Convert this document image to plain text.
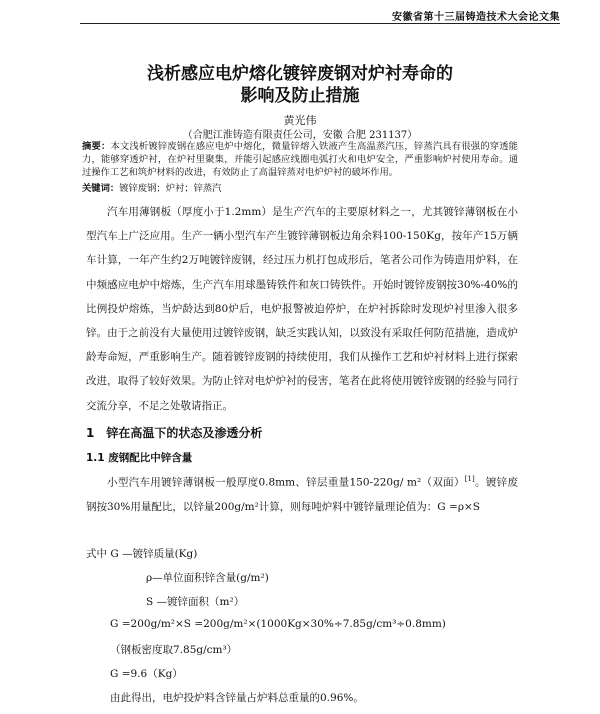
安徽省第十三届铸造技术大会论文集
浅析感应电炉熔化镀锌废钢对炉衬寿命的
影响及防止措施
黄光伟
（合肥江淮铸造有限责任公司，安徽 合肥 231137）
摘要：本文浅析镀锌废钢在感应电炉中熔化，微量锌熔入铁液产生高温蒸汽压，锌蒸汽具有很强的穿透能力，能够穿透炉衬，在炉衬里聚集，并能引起感应线圈电弧打火和电炉安全，严重影响炉衬使用寿命。通过操作工艺和筑炉材料的改进，有效防止了高温锌蒸对电炉炉衬的破坏作用。
关键词：镀锌废钢；炉衬；锌蒸汽
汽车用薄钢板（厚度小于1.2mm）是生产汽车的主要原材料之一，尤其镀锌薄钢板在小型汽车上广泛应用。生产一辆小型汽车产生镀锌薄钢板边角余料100-150Kg，按年产15万辆车计算，一年产生约2万吨镀锌废钢，经过压力机打包成形后，笔者公司作为铸造用炉料，在中频感应电炉中熔炼，生产汽车用球墨铸铁件和灰口铸铁件。开始时镀锌废钢按30%-40%的比例投炉熔炼，当炉龄达到80炉后，电炉报警被迫停炉，在炉衬拆除时发现炉衬里渗入很多锌。由于之前没有大量使用过镀锌废钢，缺乏实践认知，以致没有采取任何防范措施，造成炉龄寿命短，严重影响生产。随着镀锌废钢的持续使用，我们从操作工艺和炉衬材料上进行探索改进，取得了较好效果。为防止锌对电炉炉衬的侵害，笔者在此将使用镀锌废钢的经验与同行交流分享，不足之处敬请指正。
1　锌在高温下的状态及渗透分析
1.1 废钢配比中锌含量
小型汽车用镀锌薄钢板一般厚度0.8mm、锌层重量150-220g/ m²（双面）[1]。镀锌废钢按30%用量配比，以锌量200g/m²计算，则每吨炉料中镀锌量理论值为：G =ρ×S
式中 G —镀锌质量(Kg)
ρ—单位面积锌含量(g/m²)
S —镀锌面积（m²）
G =200g/m²×S =200g/m²×(1000Kg×30%÷7.85g/cm³÷0.8mm)
（钢板密度取7.85g/cm³）
G =9.6（Kg）
由此得出，电炉投炉料含锌量占炉料总重量的0.96%。
